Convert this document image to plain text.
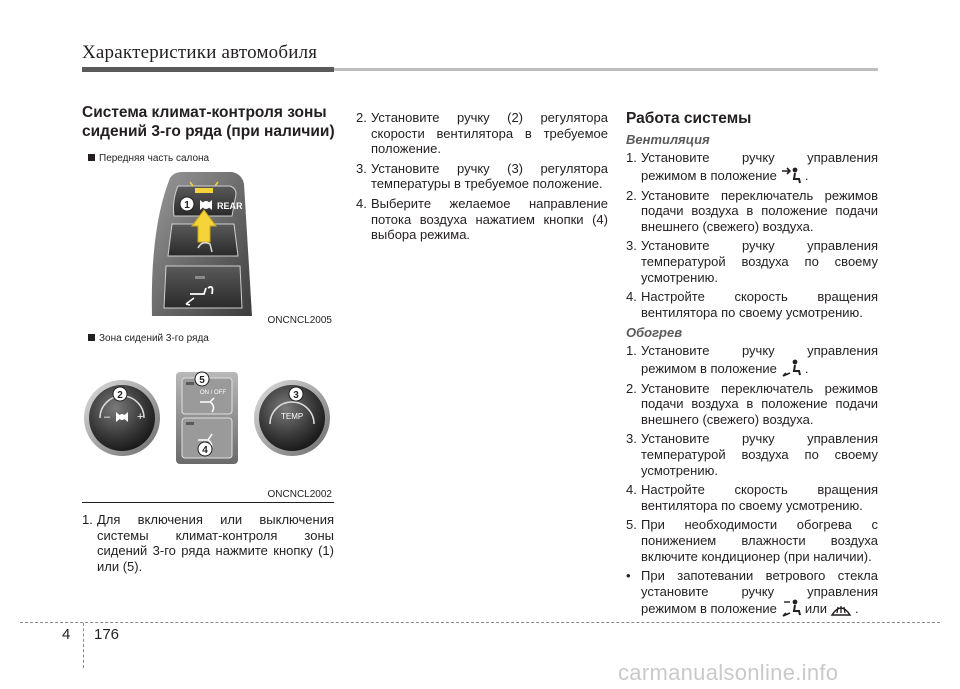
Характеристики автомобиля
Система климат-контроля зоны сидений 3-го ряда (при наличии)
Передняя часть салона
REAR
1
ONCNCL2005
Зона сидений 3-го ряда
– +
2	ON / OFF
5
4
TEMP
3
ONCNCL2002
1. Для включения или выключения системы климат-контроля зоны сидений 3-го ряда нажмите кнопку (1) или (5).
2. Установите ручку (2) регулятора скорости вентилятора в требуемое положение.
3. Установите ручку (3) регулятора температуры в требуемое положение.
4. Выберите желаемое направление потока воздуха нажатием кнопки (4) выбора режима.
Работа системы
Вентиляция
1. Установите ручку управления режимом в положение .
2. Установите переключатель режимов подачи воздуха в положение подачи внешнего (свежего) воздуха.
3. Установите ручку управления температурой воздуха по своему усмотрению.
4. Настройте скорость вращения вентилятора по своему усмотрению.
Обогрев
1. Установите ручку управления режимом в положение .
2. Установите переключатель режимов подачи воздуха в положение подачи внешнего (свежего) воздуха.
3. Установите ручку управления температурой воздуха по своему усмотрению.
4. Настройте скорость вращения вентилятора по своему усмотрению.
5. При необходимости обогрева с понижением влажности воздуха включите кондиционер (при наличии).
• При запотевании ветрового стекла установите ручку управления режимом в положение или .
4 176
carmanualsonline.info
